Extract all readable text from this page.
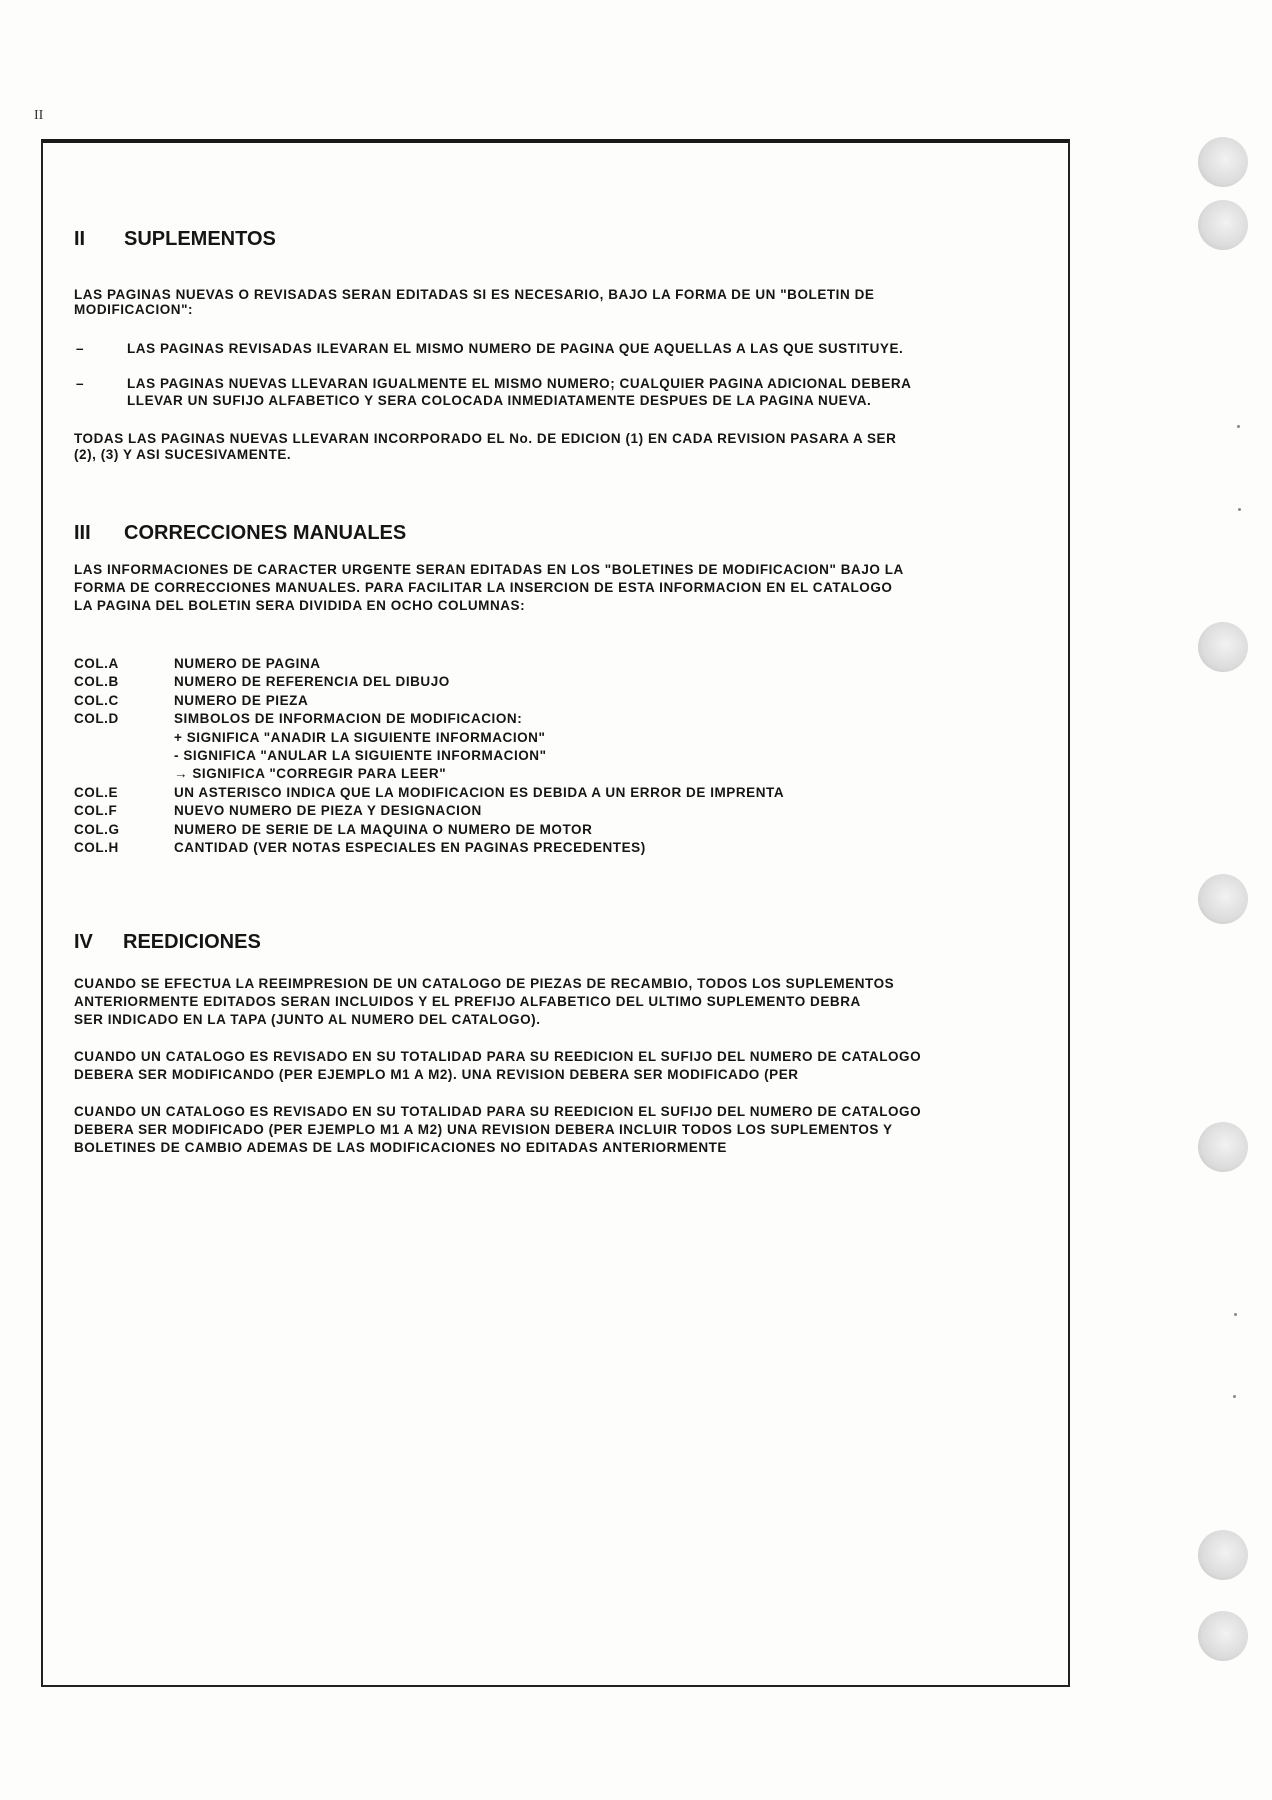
II
II SUPLEMENTOS
LAS PAGINAS NUEVAS O REVISADAS SERAN EDITADAS SI ES NECESARIO, BAJO LA FORMA DE UN "BOLETIN DE
MODIFICACION":
–	LAS PAGINAS REVISADAS ILEVARAN EL MISMO NUMERO DE PAGINA QUE AQUELLAS A LAS QUE SUSTITUYE.
–	LAS PAGINAS NUEVAS LLEVARAN IGUALMENTE EL MISMO NUMERO; CUALQUIER PAGINA ADICIONAL DEBERA
LLEVAR UN SUFIJO ALFABETICO Y SERA COLOCADA INMEDIATAMENTE DESPUES DE LA PAGINA NUEVA.
TODAS LAS PAGINAS NUEVAS LLEVARAN INCORPORADO EL No. DE EDICION (1) EN CADA REVISION PASARA A SER
(2), (3) Y ASI SUCESIVAMENTE.
III CORRECCIONES MANUALES
LAS INFORMACIONES DE CARACTER URGENTE SERAN EDITADAS EN LOS "BOLETINES DE MODIFICACION" BAJO LA
FORMA DE CORRECCIONES MANUALES. PARA FACILITAR LA INSERCION DE ESTA INFORMACION EN EL CATALOGO
LA PAGINA DEL BOLETIN SERA DIVIDIDA EN OCHO COLUMNAS:
COL.A	NUMERO DE PAGINA
COL.B	NUMERO DE REFERENCIA DEL DIBUJO
COL.C	NUMERO DE PIEZA
COL.D	SIMBOLOS DE INFORMACION DE MODIFICACION:
+ SIGNIFICA "ANADIR LA SIGUIENTE INFORMACION"
- SIGNIFICA "ANULAR LA SIGUIENTE INFORMACION"
→ SIGNIFICA "CORREGIR PARA LEER"
COL.E	UN ASTERISCO INDICA QUE LA MODIFICACION ES DEBIDA A UN ERROR DE IMPRENTA
COL.F	NUEVO NUMERO DE PIEZA Y DESIGNACION
COL.G	NUMERO DE SERIE DE LA MAQUINA O NUMERO DE MOTOR
COL.H	CANTIDAD (VER NOTAS ESPECIALES EN PAGINAS PRECEDENTES)
IV REEDICIONES
CUANDO SE EFECTUA LA REEIMPRESION DE UN CATALOGO DE PIEZAS DE RECAMBIO, TODOS LOS SUPLEMENTOS
ANTERIORMENTE EDITADOS SERAN INCLUIDOS Y EL PREFIJO ALFABETICO DEL ULTIMO SUPLEMENTO DEBRA
SER INDICADO EN LA TAPA (JUNTO AL NUMERO DEL CATALOGO).
CUANDO UN CATALOGO ES REVISADO EN SU TOTALIDAD PARA SU REEDICION EL SUFIJO DEL NUMERO DE CATALOGO
DEBERA SER MODIFICANDO (PER EJEMPLO M1 A M2). UNA REVISION DEBERA SER MODIFICADO (PER
CUANDO UN CATALOGO ES REVISADO EN SU TOTALIDAD PARA SU REEDICION EL SUFIJO DEL NUMERO DE CATALOGO
DEBERA SER MODIFICADO (PER EJEMPLO M1 A M2) UNA REVISION DEBERA INCLUIR TODOS LOS SUPLEMENTOS Y
BOLETINES DE CAMBIO ADEMAS DE LAS MODIFICACIONES NO EDITADAS ANTERIORMENTE
